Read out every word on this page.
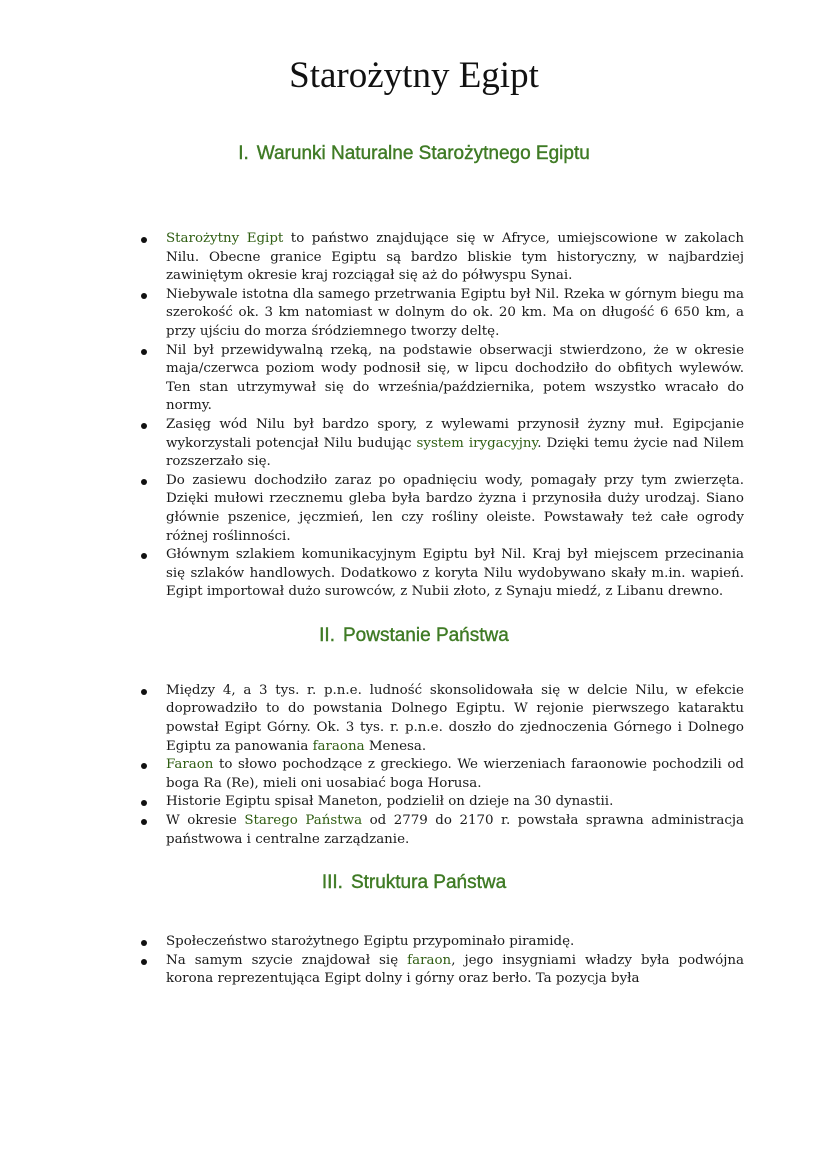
Starożytny Egipt
I. Warunki Naturalne Starożytnego Egiptu
Starożytny Egipt to państwo znajdujące się w Afryce, umiejscowione w zakolach Nilu. Obecne granice Egiptu są bardzo bliskie tym historyczny, w najbardziej zawiniętym okresie kraj rozciągał się aż do półwyspu Synai.
Niebywale istotna dla samego przetrwania Egiptu był Nil. Rzeka w górnym biegu ma szerokość ok. 3 km natomiast w dolnym do ok. 20 km. Ma on długość 6 650 km, a przy ujściu do morza śródziemnego tworzy deltę.
Nil był przewidywalną rzeką, na podstawie obserwacji stwierdzono, że w okresie maja/czerwca poziom wody podnosił się, w lipcu dochodziło do obfitych wylewów. Ten stan utrzymywał się do września/października, potem wszystko wracało do normy.
Zasięg wód Nilu był bardzo spory, z wylewami przynosił żyzny muł. Egipcjanie wykorzystali potencjał Nilu budując system irygacyjny. Dzięki temu życie nad Nilem rozszerzało się.
Do zasiewu dochodziło zaraz po opadnięciu wody, pomagały przy tym zwierzęta. Dzięki mułowi rzecznemu gleba była bardzo żyzna i przynosiła duży urodzaj. Siano głównie pszenice, jęczmień, len czy rośliny oleiste. Powstawały też całe ogrody różnej roślinności.
Głównym szlakiem komunikacyjnym Egiptu był Nil. Kraj był miejscem przecinania się szlaków handlowych. Dodatkowo z koryta Nilu wydobywano skały m.in. wapień. Egipt importował dużo surowców, z Nubii złoto, z Synaju miedź, z Libanu drewno.
II. Powstanie Państwa
Między 4, a 3 tys. r. p.n.e. ludność skonsolidowała się w delcie Nilu, w efekcie doprowadziło to do powstania Dolnego Egiptu. W rejonie pierwszego kataraktu powstał Egipt Górny. Ok. 3 tys. r. p.n.e. doszło do zjednoczenia Górnego i Dolnego Egiptu za panowania faraona Menesa.
Faraon to słowo pochodzące z greckiego. We wierzeniach faraonowie pochodzili od boga Ra (Re), mieli oni uosabiać boga Horusa.
Historie Egiptu spisał Maneton, podzielił on dzieje na 30 dynastii.
W okresie Starego Państwa od 2779 do 2170 r. powstała sprawna administracja państwowa i centralne zarządzanie.
III. Struktura Państwa
Społeczeństwo starożytnego Egiptu przypominało piramidę.
Na samym szycie znajdował się faraon, jego insygniami władzy była podwójna korona reprezentująca Egipt dolny i górny oraz berło. Ta pozycja była
